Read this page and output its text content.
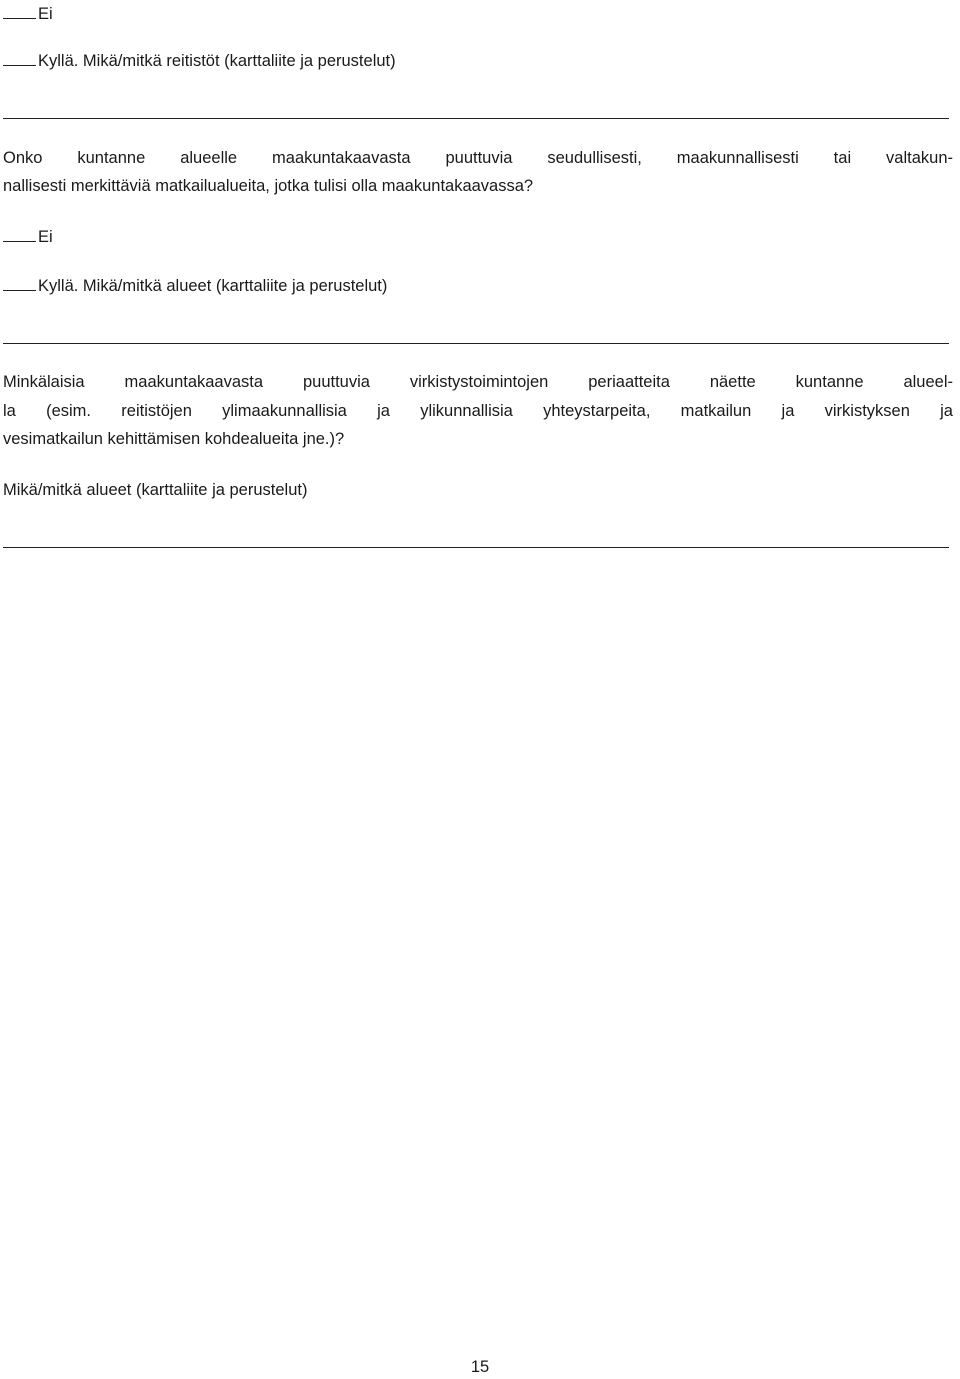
Ei
Kyllä. Mikä/mitkä reitistöt (karttaliite ja perustelut)
Onko kuntanne alueelle maakuntakaavasta puuttuvia seudullisesti, maakunnallisesti tai valtakun-
nallisesti merkittäviä matkailualueita, jotka tulisi olla maakuntakaavassa?
Ei
Kyllä. Mikä/mitkä alueet (karttaliite ja perustelut)
Minkälaisia maakuntakaavasta puuttuvia virkistystoimintojen periaatteita näette kuntanne alueel-
la (esim. reitistöjen ylimaakunnallisia ja ylikunnallisia yhteystarpeita, matkailun ja virkistyksen ja
vesimatkailun kehittämisen kohdealueita jne.)?
Mikä/mitkä alueet (karttaliite ja perustelut)
15
